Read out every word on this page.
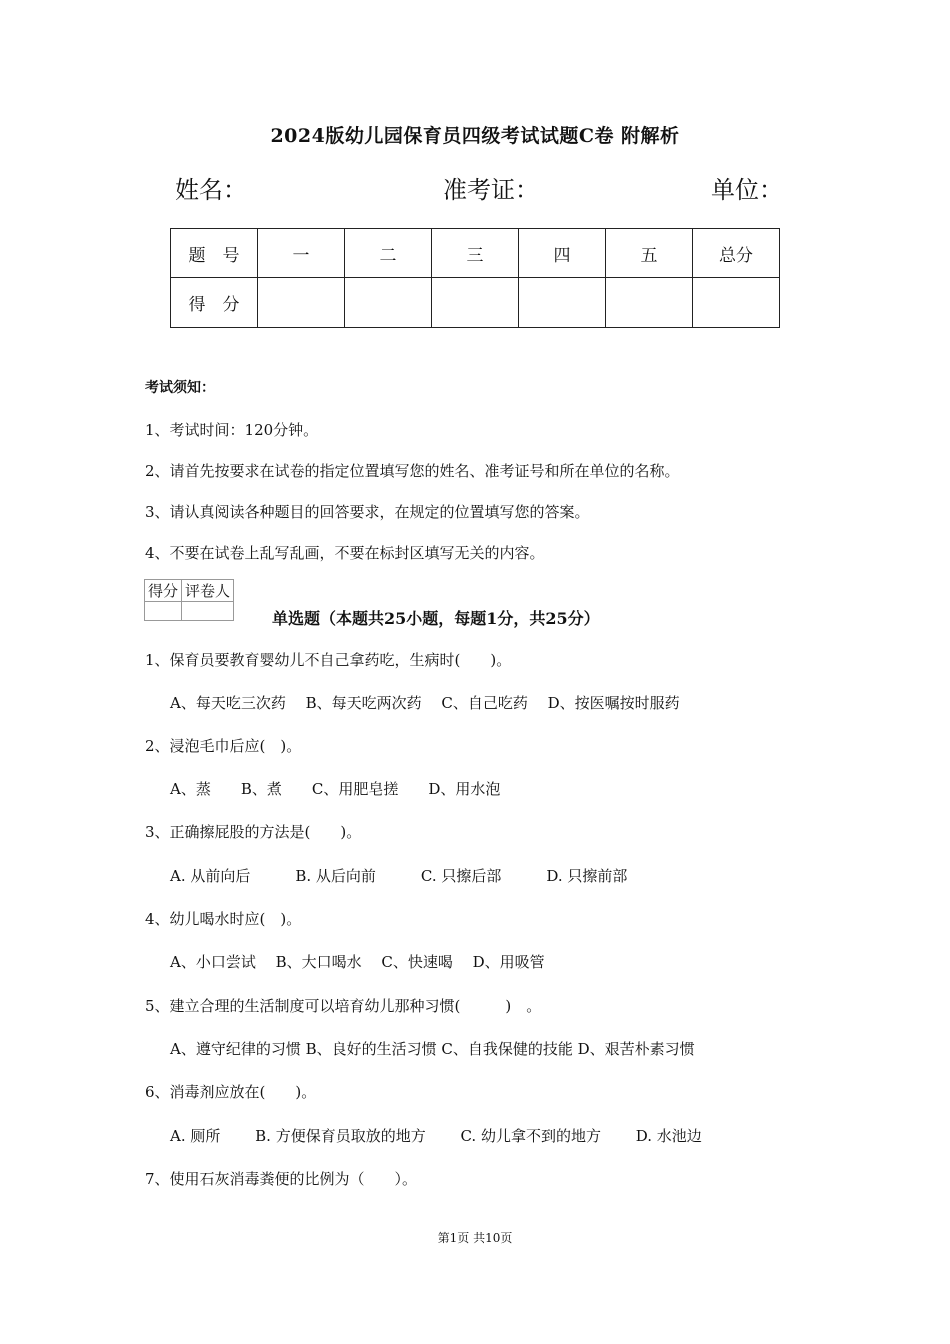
2024版幼儿园保育员四级考试试题C卷 附解析
姓名：	准考证：	单位：
题　号	一	二	三	四	五	总分
得　分						
考试须知：
1、考试时间：120分钟。
2、请首先按要求在试卷的指定位置填写您的姓名、准考证号和所在单位的名称。
3、请认真阅读各种题目的回答要求，在规定的位置填写您的答案。
4、不要在试卷上乱写乱画，不要在标封区填写无关的内容。
得分	评卷人

单选题（本题共25小题，每题1分，共25分）
1、保育员要教育婴幼儿不自己拿药吃，生病时(　　)。
A、每天吃三次药　 B、每天吃两次药　 C、自己吃药　 D、按医嘱按时服药
2、浸泡毛巾后应(　)。
A、蒸　　B、煮　　C、用肥皂搓　　D、用水泡
3、正确擦屁股的方法是(　　)。
A. 从前向后　　　B. 从后向前　　　C. 只擦后部　　　D. 只擦前部
4、幼儿喝水时应(　)。
A、小口尝试　 B、大口喝水　 C、快速喝　 D、用吸管
5、建立合理的生活制度可以培育幼儿那种习惯(　　　)　。
A、遵守纪律的习惯 B、良好的生活习惯 C、自我保健的技能 D、艰苦朴素习惯
6、消毒剂应放在(　　)。
A. 厕所　　 B. 方便保育员取放的地方　　 C. 幼儿拿不到的地方　　 D. 水池边
7、使用石灰消毒粪便的比例为（　　）。
第1页 共10页
